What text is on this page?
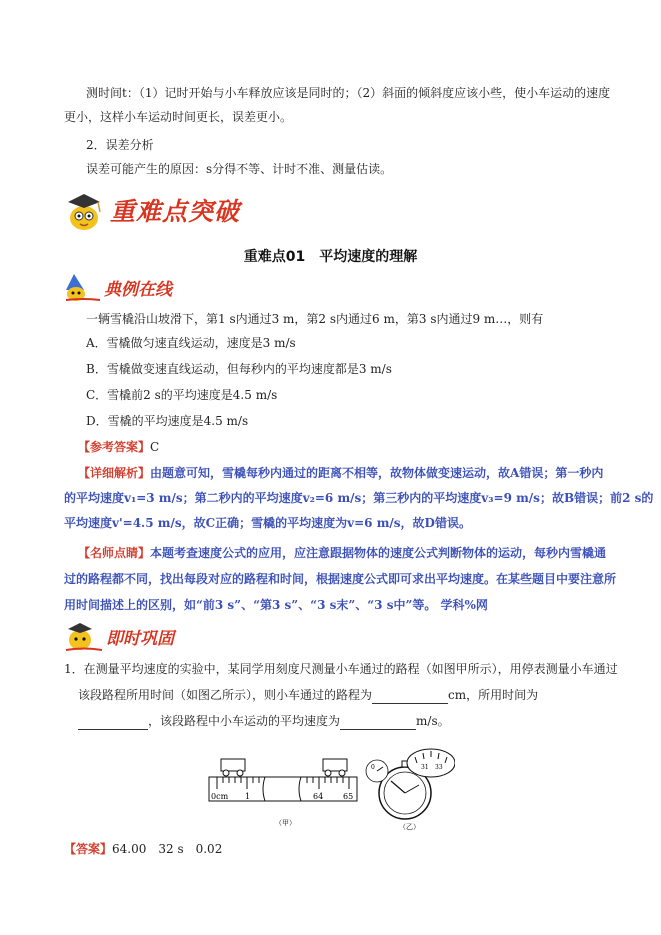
测时间t：（1）记时开始与小车释放应该是同时的；（2）斜面的倾斜度应该小些，使小车运动的速度
更小，这样小车运动时间更长，误差更小。
2．误差分析
误差可能产生的原因：s分得不等、计时不准、测量估读。
重难点突破
重难点01　平均速度的理解
典例在线
一辆雪橇沿山坡滑下，第1 s内通过3 m，第2 s内通过6 m，第3 s内通过9 m…，则有
A．雪橇做匀速直线运动，速度是3 m/s
B．雪橇做变速直线运动，但每秒内的平均速度都是3 m/s
C．雪橇前2 s的平均速度是4.5 m/s
D．雪橇的平均速度是4.5 m/s
【参考答案】C
【详细解析】由题意可知，雪橇每秒内通过的距离不相等，故物体做变速运动，故A错误；第一秒内
的平均速度v₁=3 m/s；第二秒内的平均速度v₂=6 m/s；第三秒内的平均速度v₃=9 m/s；故B错误；前2 s的
平均速度v'=4.5 m/s，故C正确；雪橇的平均速度为v=6 m/s，故D错误。
【名师点睛】本题考查速度公式的应用，应注意跟据物体的速度公式判断物体的运动，每秒内雪橇通
过的路程都不同，找出每段对应的路程和时间，根据速度公式即可求出平均速度。在某些题目中要注意所
用时间描述上的区别，如“前3 s”、“第3 s”、“3 s末”、“3 s中”等。 学科%网
即时巩固
1．在测量平均速度的实验中，某同学用刻度尺测量小车通过的路程（如图甲所示），用停表测量小车通过
该段路程所用时间（如图乙所示），则小车通过的路程为	cm，所用时间为
，该段路程中小车运动的平均速度为	m/s。
0cm 1	64 65
（甲）
0	31 33
（乙）
【答案】64.00　32 s　0.02
